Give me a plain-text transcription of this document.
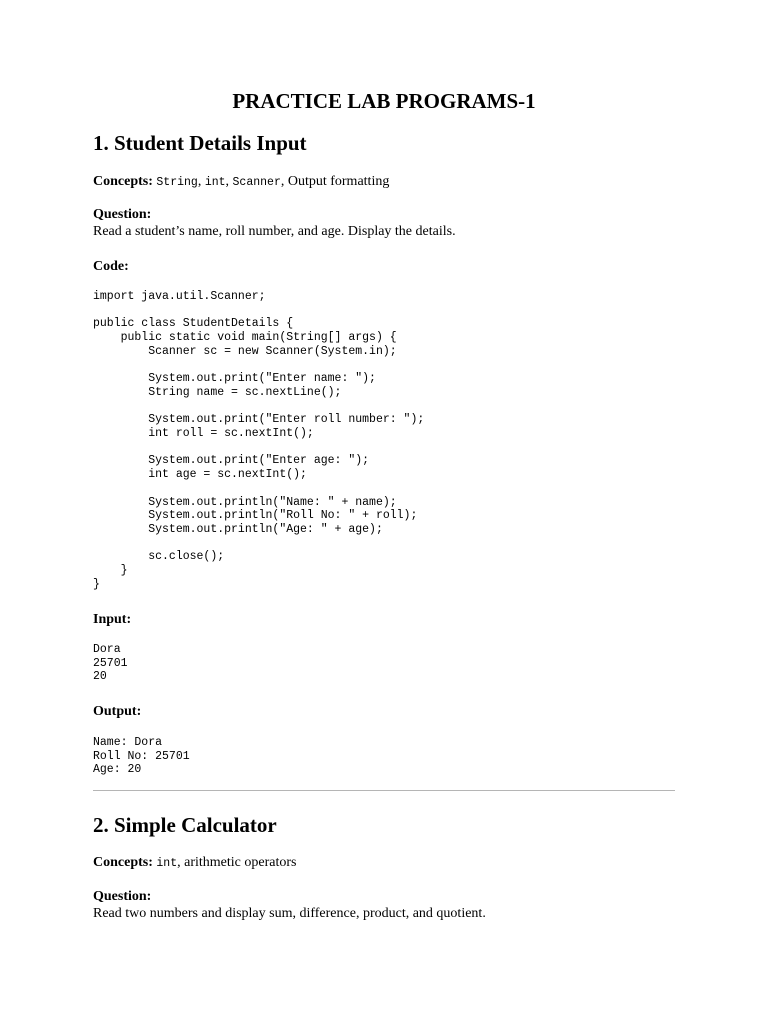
PRACTICE LAB PROGRAMS-1
1. Student Details Input

Concepts: String, int, Scanner, Output formatting

Question:

Read a student’s name, roll number, and age. Display the details.

Code:

import java.util.Scanner;

public class StudentDetails {
public static void main(String[] args) {
Scanner sc = new Scanner(System.in);

System.out.print("Enter name: ");
String name = sc.nextLine();

System.out.print("Enter roll number: ");
int roll = sc.nextInt();

System.out.print("Enter age: ");
int age = sc.nextInt();

System.out.println("Name: " + name);
System.out.println("Roll No: " + roll);
System.out.println("Age: " + age);

sc.close();
}
}

Input:

Dora
25701
20

Output:

Name: Dora
Roll No: 25701
Age: 20
2. Simple Calculator

Concepts: int, arithmetic operators

Question:

Read two numbers and display sum, difference, product, and quotient.
